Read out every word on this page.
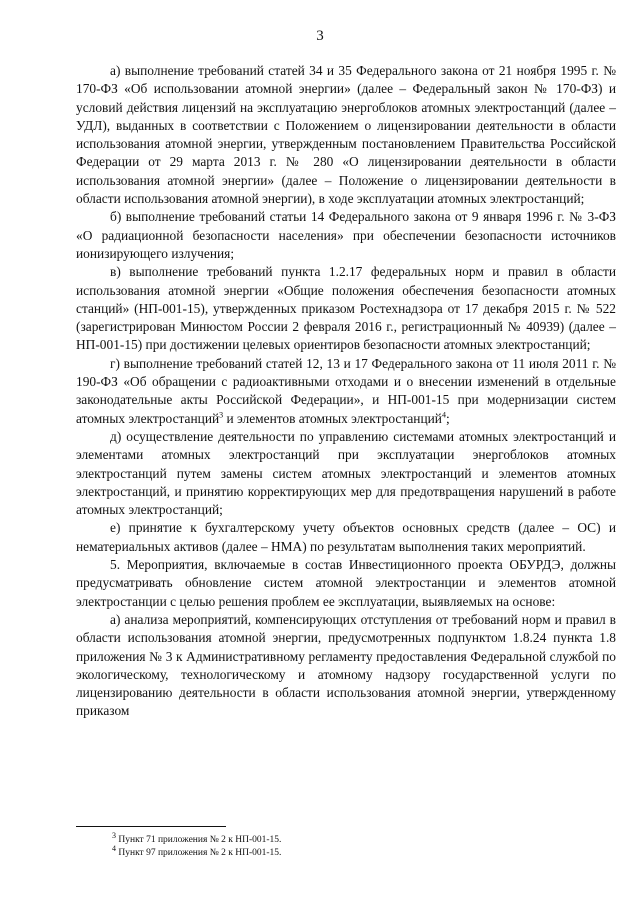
3

а) выполнение требований статей 34 и 35 Федерального закона от 21 ноября 1995 г. № 170-ФЗ «Об использовании атомной энергии» (далее – Федеральный закон № 170-ФЗ) и условий действия лицензий на эксплуатацию энергоблоков атомных электростанций (далее – УДЛ), выданных в соответствии с Положением о лицензировании деятельности в области использования атомной энергии, утвержденным постановлением Правительства Российской Федерации от 29 марта 2013 г. № 280 «О лицензировании деятельности в области использования атомной энергии» (далее – Положение о лицензировании деятельности в области использования атомной энергии), в ходе эксплуатации атомных электростанций;

б) выполнение требований статьи 14 Федерального закона от 9 января 1996 г. № 3-ФЗ «О радиационной безопасности населения» при обеспечении безопасности источников ионизирующего излучения;

в) выполнение требований пункта 1.2.17 федеральных норм и правил в области использования атомной энергии «Общие положения обеспечения безопасности атомных станций» (НП-001-15), утвержденных приказом Ростехнадзора от 17 декабря 2015 г. № 522 (зарегистрирован Минюстом России 2 февраля 2016 г., регистрационный № 40939) (далее – НП-001-15) при достижении целевых ориентиров безопасности атомных электростанций;

г) выполнение требований статей 12, 13 и 17 Федерального закона от 11 июля 2011 г. № 190-ФЗ «Об обращении с радиоактивными отходами и о внесении изменений в отдельные законодательные акты Российской Федерации», и НП-001-15 при модернизации систем атомных электростанций$^3$ и элементов атомных электростанций$^4$;

д) осуществление деятельности по управлению системами атомных электростанций и элементами атомных электростанций при эксплуатации энергоблоков атомных электростанций путем замены систем атомных электростанций и элементов атомных электростанций, и принятию корректирующих мер для предотвращения нарушений в работе атомных электростанций;

е) принятие к бухгалтерскому учету объектов основных средств (далее – ОС) и нематериальных активов (далее – НМА) по результатам выполнения таких мероприятий.

5. Мероприятия, включаемые в состав Инвестиционного проекта ОБУРДЭ, должны предусматривать обновление систем атомной электростанции и элементов атомной электростанции с целью решения проблем ее эксплуатации, выявляемых на основе:

а) анализа мероприятий, компенсирующих отступления от требований норм и правил в области использования атомной энергии, предусмотренных подпунктом 1.8.24 пункта 1.8 приложения № 3 к Административному регламенту предоставления Федеральной службой по экологическому, технологическому и атомному надзору государственной услуги по лицензированию деятельности в области использования атомной энергии, утвержденному приказом

$^3$ Пункт 71 приложения № 2 к НП-001-15.

$^4$ Пункт 97 приложения № 2 к НП-001-15.
